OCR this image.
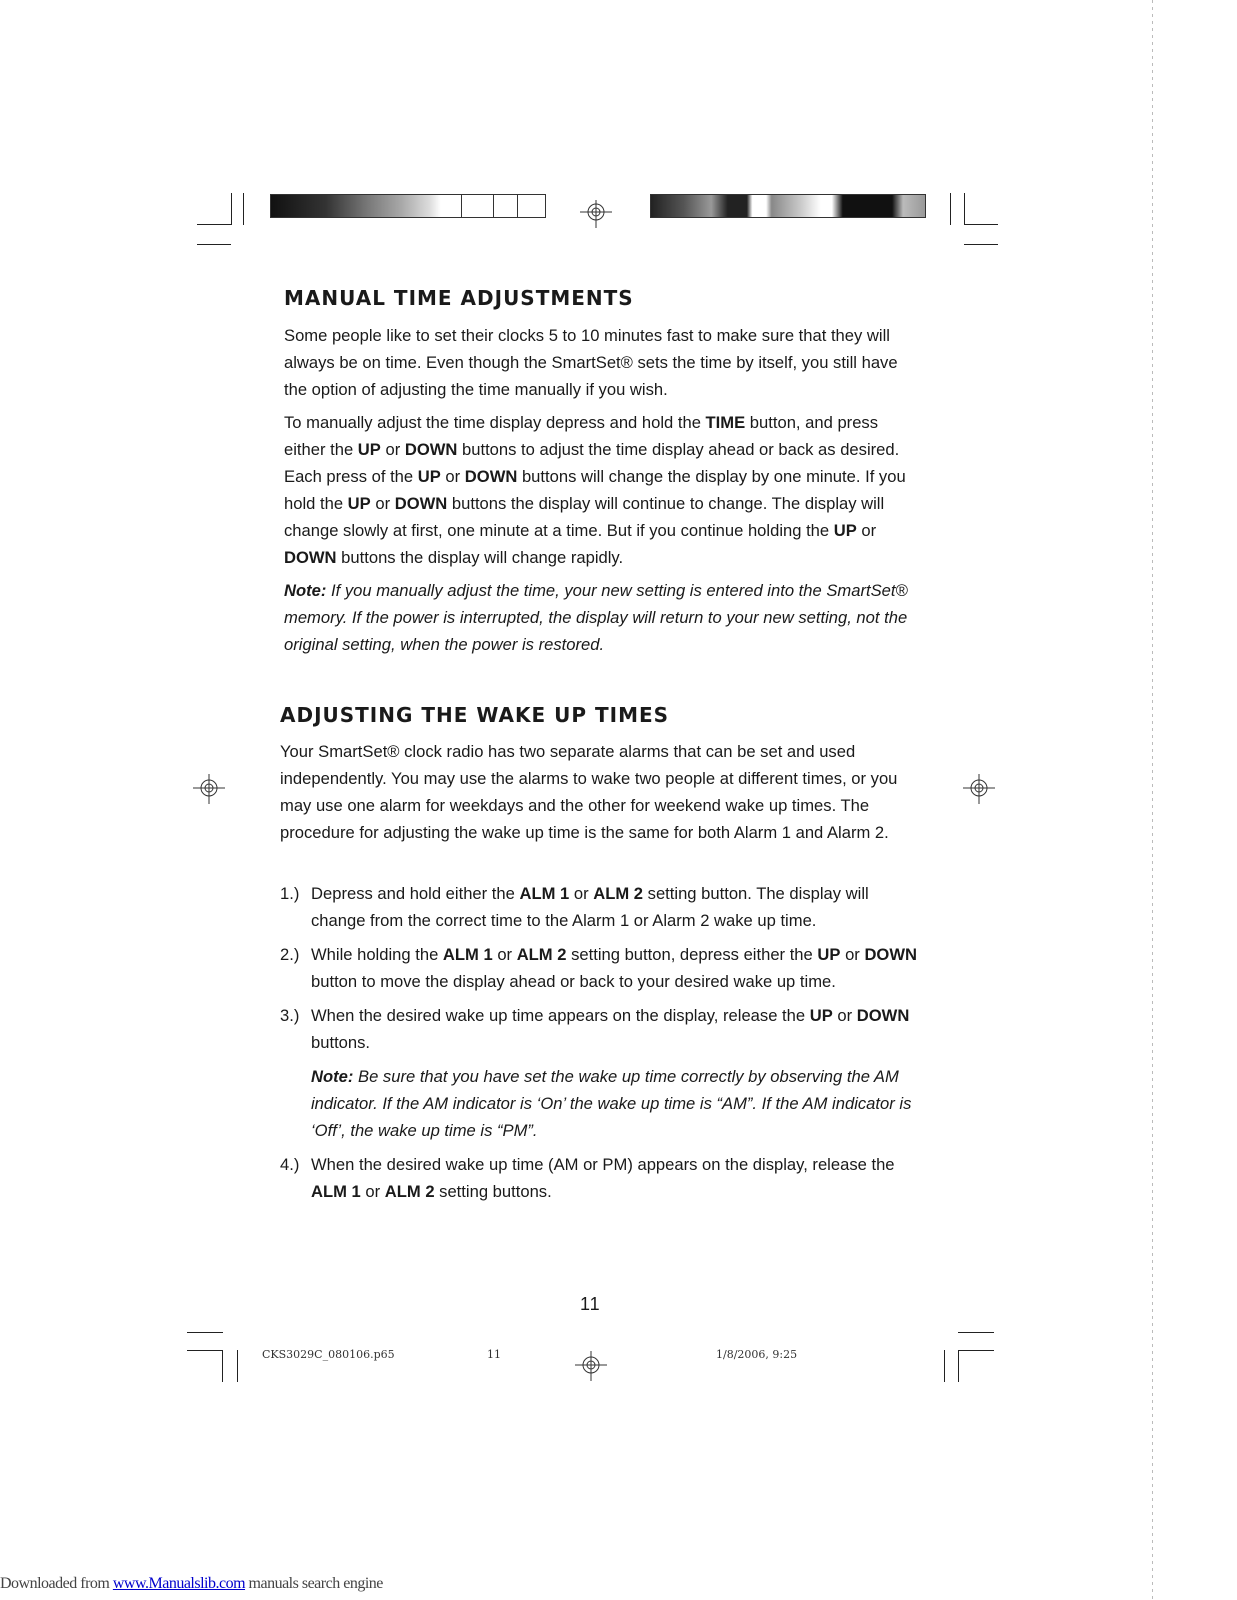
MANUAL TIME ADJUSTMENTS

Some people like to set their clocks 5 to 10 minutes fast to make sure that they will always be on time. Even though the SmartSet® sets the time by itself, you still have the option of adjusting the time manually if you wish.

To manually adjust the time display depress and hold the TIME button, and press either the UP or DOWN buttons to adjust the time display ahead or back as desired. Each press of the UP or DOWN buttons will change the display by one minute. If you hold the UP or DOWN buttons the display will continue to change. The display will change slowly at first, one minute at a time. But if you continue holding the UP or DOWN buttons the display will change rapidly.

Note: If you manually adjust the time, your new setting is entered into the SmartSet® memory. If the power is interrupted, the display will return to your new setting, not the original setting, when the power is restored.

ADJUSTING THE WAKE UP TIMES

Your SmartSet® clock radio has two separate alarms that can be set and used independently. You may use the alarms to wake two people at different times, or you may use one alarm for weekdays and the other for weekend wake up times. The procedure for adjusting the wake up time is the same for both Alarm 1 and Alarm 2.

1.) Depress and hold either the ALM 1 or ALM 2 setting button. The display will change from the correct time to the Alarm 1 or Alarm 2 wake up time.
2.) While holding the ALM 1 or ALM 2 setting button, depress either the UP or DOWN button to move the display ahead or back to your desired wake up time.
3.) When the desired wake up time appears on the display, release the UP or DOWN buttons.
Note: Be sure that you have set the wake up time correctly by observing the AM indicator. If the AM indicator is ‘On’ the wake up time is “AM”. If the AM indicator is ‘Off’, the wake up time is “PM”.
4.) When the desired wake up time (AM or PM) appears on the display, release the ALM 1 or ALM 2 setting buttons.
11
CKS3029C_080106.p65	11	1/8/2006, 9:25
Downloaded from www.Manualslib.com manuals search engine
